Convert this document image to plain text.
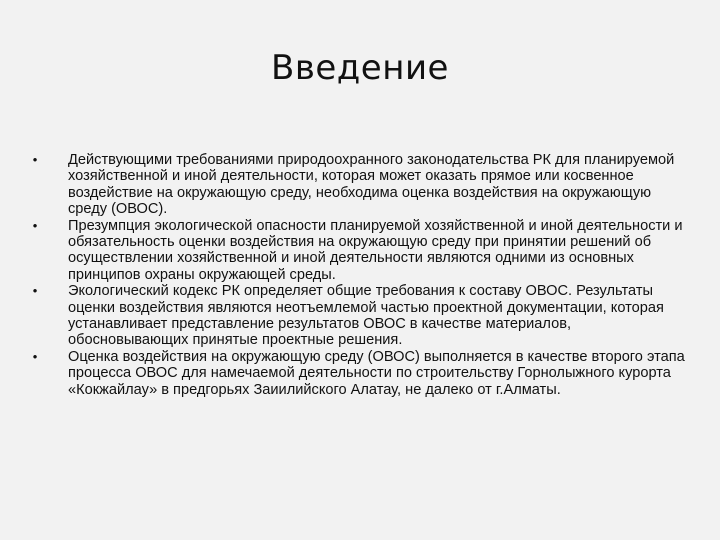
Введение
• Действующими требованиями природоохранного законодательства РК для планируемой хозяйственной и иной деятельности, которая может оказать прямое или косвенное воздействие на окружающую среду, необходима оценка воздействия на окружающую среду (ОВОС).
• Презумпция экологической опасности планируемой хозяйственной и иной деятельности и обязательность оценки воздействия на окружающую среду при принятии решений об осуществлении хозяйственной и иной деятельности являются одними из основных принципов охраны окружающей среды.
• Экологический кодекс РК определяет общие требования к составу ОВОС. Результаты оценки воздействия являются неотъемлемой частью проектной документации, которая устанавливает представление результатов ОВОС в качестве материалов, обосновывающих принятые проектные решения.
• Оценка воздействия на окружающую среду (ОВОС) выполняется в качестве второго этапа процесса ОВОС для намечаемой деятельности по строительству Горнолыжного курорта «Кокжайлау» в предгорьях Заиилийского Алатау, не далеко от г.Алматы.
